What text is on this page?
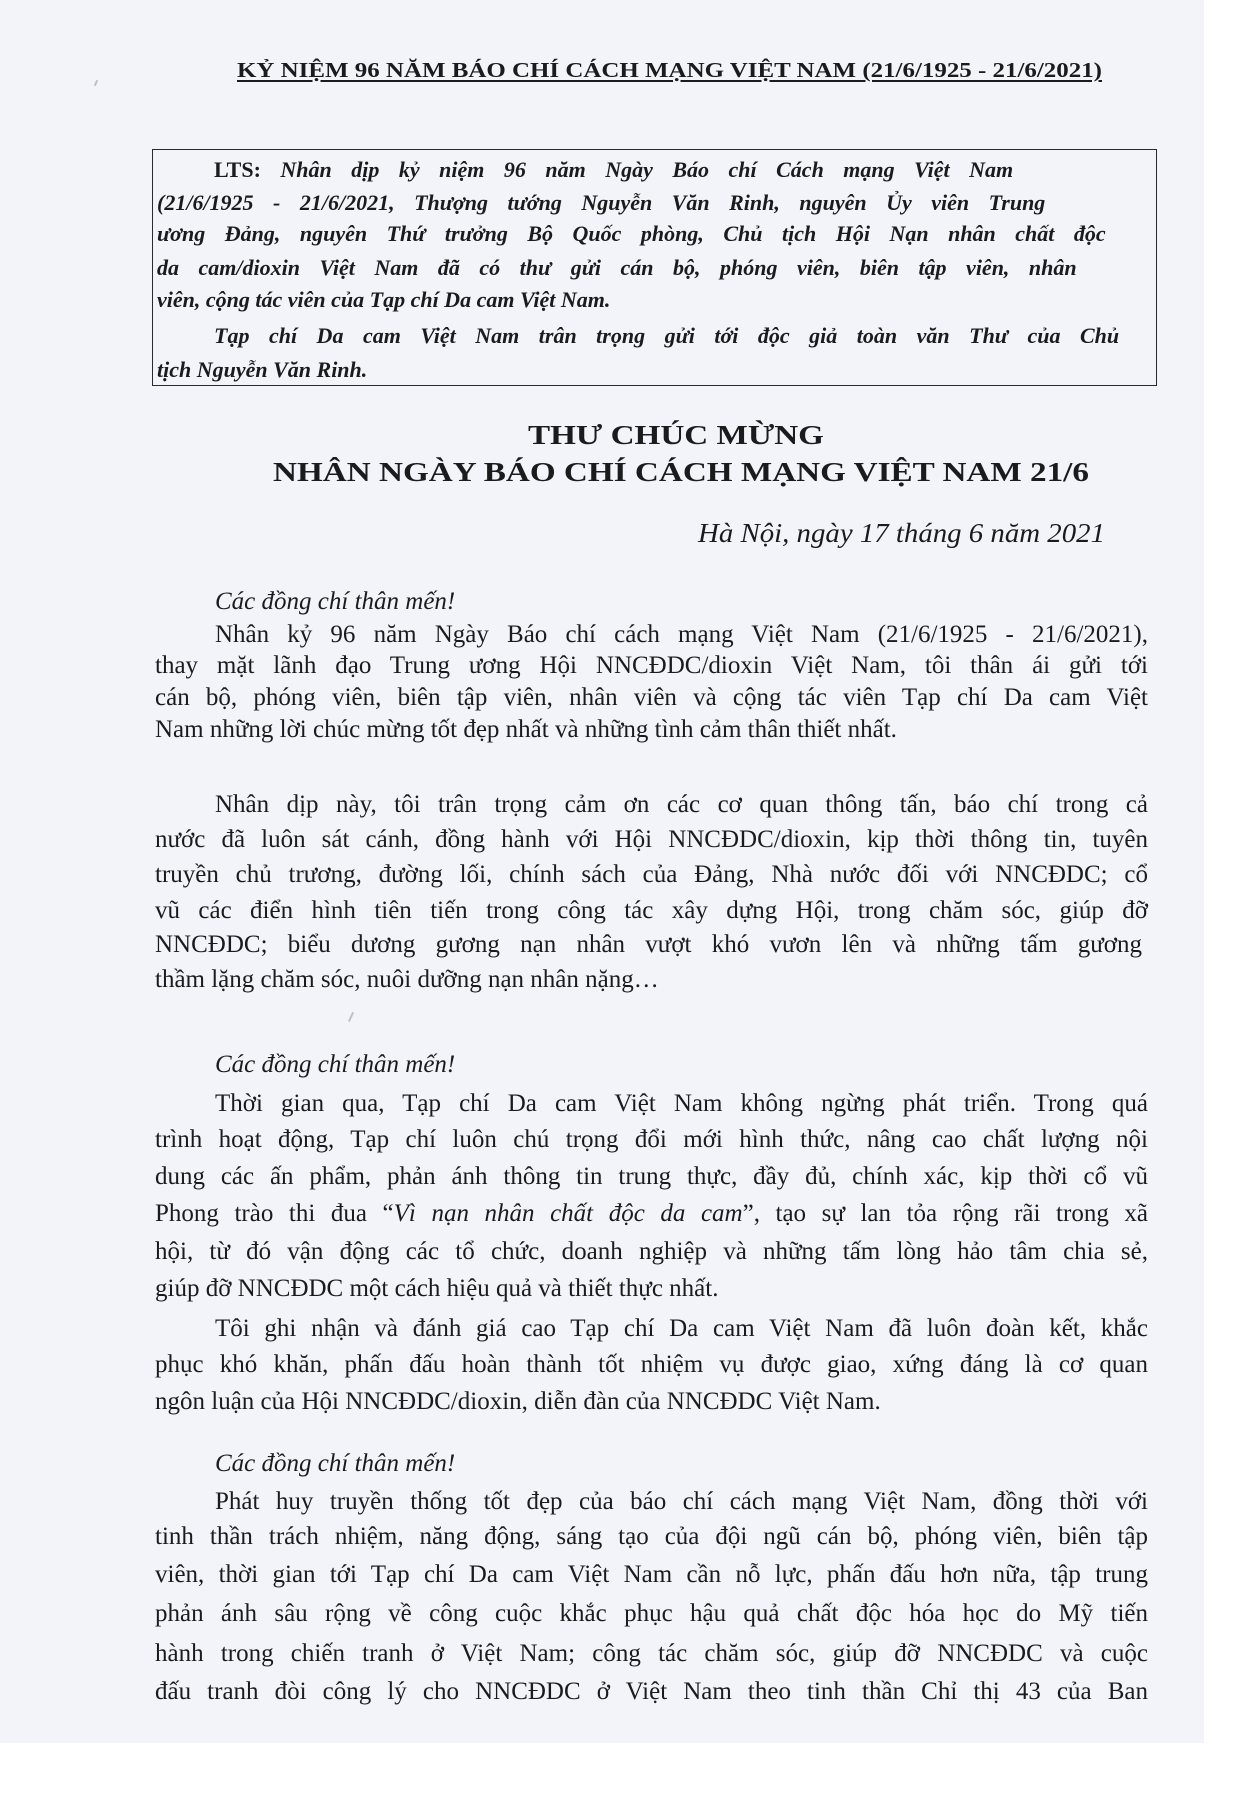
KỶ NIỆM 96 NĂM BÁO CHÍ CÁCH MẠNG VIỆT NAM (21/6/1925 - 21/6/2021)
LTS: Nhân dịp kỷ niệm 96 năm Ngày Báo chí Cách mạng Việt Nam
(21/6/1925 - 21/6/2021, Thượng tướng Nguyễn Văn Rinh, nguyên Ủy viên Trung
ương Đảng, nguyên Thứ trưởng Bộ Quốc phòng, Chủ tịch Hội Nạn nhân chất độc
da cam/dioxin Việt Nam đã có thư gửi cán bộ, phóng viên, biên tập viên, nhân
viên, cộng tác viên của Tạp chí Da cam Việt Nam.
Tạp chí Da cam Việt Nam trân trọng gửi tới độc giả toàn văn Thư của Chủ
tịch Nguyễn Văn Rinh.
THƯ CHÚC MỪNG
NHÂN NGÀY BÁO CHÍ CÁCH MẠNG VIỆT NAM 21/6
Hà Nội, ngày 17 tháng 6 năm 2021
Các đồng chí thân mến!
Nhân kỷ 96 năm Ngày Báo chí cách mạng Việt Nam (21/6/1925 - 21/6/2021),
thay mặt lãnh đạo Trung ương Hội NNCĐDC/dioxin Việt Nam, tôi thân ái gửi tới
cán bộ, phóng viên, biên tập viên, nhân viên và cộng tác viên Tạp chí Da cam Việt
Nam những lời chúc mừng tốt đẹp nhất và những tình cảm thân thiết nhất.
Nhân dịp này, tôi trân trọng cảm ơn các cơ quan thông tấn, báo chí trong cả
nước đã luôn sát cánh, đồng hành với Hội NNCĐDC/dioxin, kịp thời thông tin, tuyên
truyền chủ trương, đường lối, chính sách của Đảng, Nhà nước đối với NNCĐDC; cổ
vũ các điển hình tiên tiến trong công tác xây dựng Hội, trong chăm sóc, giúp đỡ
NNCĐDC; biểu dương gương nạn nhân vượt khó vươn lên và những tấm gương
thầm lặng chăm sóc, nuôi dưỡng nạn nhân nặng…
Các đồng chí thân mến!
Thời gian qua, Tạp chí Da cam Việt Nam không ngừng phát triển. Trong quá
trình hoạt động, Tạp chí luôn chú trọng đổi mới hình thức, nâng cao chất lượng nội
dung các ấn phẩm, phản ánh thông tin trung thực, đầy đủ, chính xác, kịp thời cổ vũ
Phong trào thi đua “Vì nạn nhân chất độc da cam”, tạo sự lan tỏa rộng rãi trong xã
hội, từ đó vận động các tổ chức, doanh nghiệp và những tấm lòng hảo tâm chia sẻ,
giúp đỡ NNCĐDC một cách hiệu quả và thiết thực nhất.
Tôi ghi nhận và đánh giá cao Tạp chí Da cam Việt Nam đã luôn đoàn kết, khắc
phục khó khăn, phấn đấu hoàn thành tốt nhiệm vụ được giao, xứng đáng là cơ quan
ngôn luận của Hội NNCĐDC/dioxin, diễn đàn của NNCĐDC Việt Nam.
Các đồng chí thân mến!
Phát huy truyền thống tốt đẹp của báo chí cách mạng Việt Nam, đồng thời với
tinh thần trách nhiệm, năng động, sáng tạo của đội ngũ cán bộ, phóng viên, biên tập
viên, thời gian tới Tạp chí Da cam Việt Nam cần nỗ lực, phấn đấu hơn nữa, tập trung
phản ánh sâu rộng về công cuộc khắc phục hậu quả chất độc hóa học do Mỹ tiến
hành trong chiến tranh ở Việt Nam; công tác chăm sóc, giúp đỡ NNCĐDC và cuộc
đấu tranh đòi công lý cho NNCĐDC ở Việt Nam theo tinh thần Chỉ thị 43 của Ban
